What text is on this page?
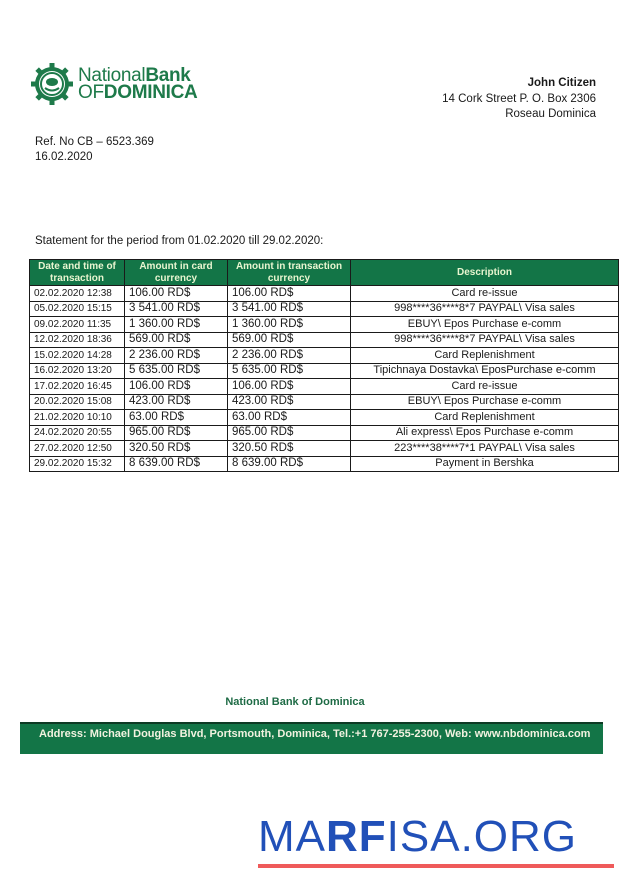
NationalBank
OFDOMINICA	John Citizen
14 Cork Street P. O. Box 2306
Roseau Dominica
Ref. No CB – 6523.369
16.02.2020
Statement for the period from 01.02.2020 till 29.02.2020:
Date and time of transaction	Amount in card currency	Amount in transaction currency	Description
02.02.2020 12:38	106.00 RD$	106.00 RD$	Card re-issue
05.02.2020 15:15	3 541.00 RD$	3 541.00 RD$	998****36****8*7 PAYPAL\ Visa sales
09.02.2020 11:35	1 360.00 RD$	1 360.00 RD$	EBUY\ Epos Purchase e-comm
12.02.2020 18:36	569.00 RD$	569.00 RD$	998****36****8*7 PAYPAL\ Visa sales
15.02.2020 14:28	2 236.00 RD$	2 236.00 RD$	Card Replenishment
16.02.2020 13:20	5 635.00 RD$	5 635.00 RD$	Tipichnaya Dostavka\ EposPurchase e-comm
17.02.2020 16:45	106.00 RD$	106.00 RD$	Card re-issue
20.02.2020 15:08	423.00 RD$	423.00 RD$	EBUY\ Epos Purchase e-comm
21.02.2020 10:10	63.00 RD$	63.00 RD$	Card Replenishment
24.02.2020 20:55	965.00 RD$	965.00 RD$	Ali express\ Epos Purchase e-comm
27.02.2020 12:50	320.50 RD$	320.50 RD$	223****38****7*1 PAYPAL\ Visa sales
29.02.2020 15:32	8 639.00 RD$	8 639.00 RD$	Payment in Bershka
National Bank of Dominica
Address: Michael Douglas Blvd, Portsmouth, Dominica, Tel.:+1 767-255-2300, Web: www.nbdominica.com
MARFISA.ORG
